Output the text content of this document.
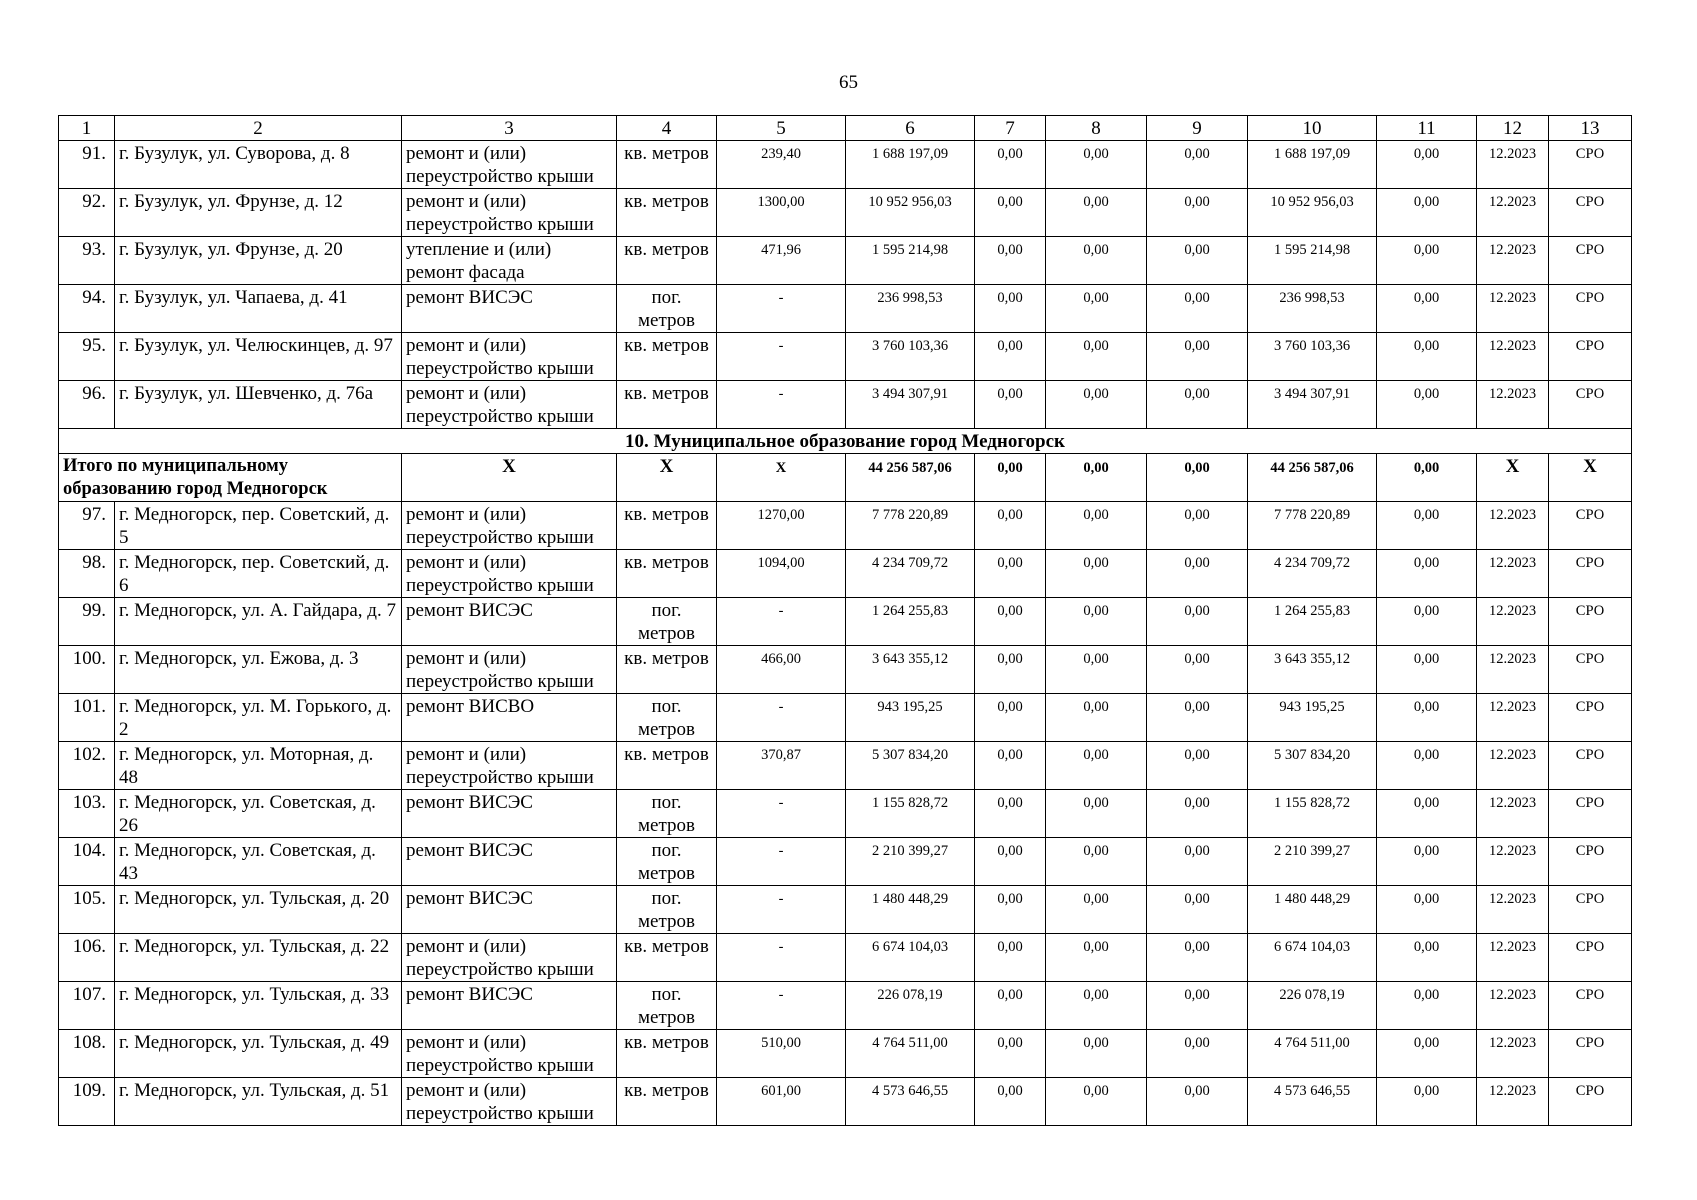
65
1	2	3	4	5	6	7	8	9	10	11	12	13
91.	г. Бузулук, ул. Суворова, д. 8	ремонт и (или) переустройство крыши	кв. метров	239,40	1 688 197,09	0,00	0,00	0,00	1 688 197,09	0,00	12.2023	СРО
92.	г. Бузулук, ул. Фрунзе, д. 12	ремонт и (или) переустройство крыши	кв. метров	1300,00	10 952 956,03	0,00	0,00	0,00	10 952 956,03	0,00	12.2023	СРО
93.	г. Бузулук, ул. Фрунзе, д. 20	утепление и (или) ремонт фасада	кв. метров	471,96	1 595 214,98	0,00	0,00	0,00	1 595 214,98	0,00	12.2023	СРО
94.	г. Бузулук, ул. Чапаева, д. 41	ремонт ВИСЭС	пог. метров	-	236 998,53	0,00	0,00	0,00	236 998,53	0,00	12.2023	СРО
95.	г. Бузулук, ул. Челюскинцев, д. 97	ремонт и (или) переустройство крыши	кв. метров	-	3 760 103,36	0,00	0,00	0,00	3 760 103,36	0,00	12.2023	СРО
96.	г. Бузулук, ул. Шевченко, д. 76а	ремонт и (или) переустройство крыши	кв. метров	-	3 494 307,91	0,00	0,00	0,00	3 494 307,91	0,00	12.2023	СРО
10. Муниципальное образование город Медногорск												
Итого по муниципальному образованию город Медногорск		Х	Х	Х	44 256 587,06	0,00	0,00	0,00	44 256 587,06	0,00	Х	Х
97.	г. Медногорск, пер. Советский, д. 5	ремонт и (или) переустройство крыши	кв. метров	1270,00	7 778 220,89	0,00	0,00	0,00	7 778 220,89	0,00	12.2023	СРО
98.	г. Медногорск, пер. Советский, д. 6	ремонт и (или) переустройство крыши	кв. метров	1094,00	4 234 709,72	0,00	0,00	0,00	4 234 709,72	0,00	12.2023	СРО
99.	г. Медногорск, ул. А. Гайдара, д. 7	ремонт ВИСЭС	пог. метров	-	1 264 255,83	0,00	0,00	0,00	1 264 255,83	0,00	12.2023	СРО
100.	г. Медногорск, ул. Ежова, д. 3	ремонт и (или) переустройство крыши	кв. метров	466,00	3 643 355,12	0,00	0,00	0,00	3 643 355,12	0,00	12.2023	СРО
101.	г. Медногорск, ул. М. Горького, д. 2	ремонт ВИСВО	пог. метров	-	943 195,25	0,00	0,00	0,00	943 195,25	0,00	12.2023	СРО
102.	г. Медногорск, ул. Моторная, д. 48	ремонт и (или) переустройство крыши	кв. метров	370,87	5 307 834,20	0,00	0,00	0,00	5 307 834,20	0,00	12.2023	СРО
103.	г. Медногорск, ул. Советская, д. 26	ремонт ВИСЭС	пог. метров	-	1 155 828,72	0,00	0,00	0,00	1 155 828,72	0,00	12.2023	СРО
104.	г. Медногорск, ул. Советская, д. 43	ремонт ВИСЭС	пог. метров	-	2 210 399,27	0,00	0,00	0,00	2 210 399,27	0,00	12.2023	СРО
105.	г. Медногорск, ул. Тульская, д. 20	ремонт ВИСЭС	пог. метров	-	1 480 448,29	0,00	0,00	0,00	1 480 448,29	0,00	12.2023	СРО
106.	г. Медногорск, ул. Тульская, д. 22	ремонт и (или) переустройство крыши	кв. метров	-	6 674 104,03	0,00	0,00	0,00	6 674 104,03	0,00	12.2023	СРО
107.	г. Медногорск, ул. Тульская, д. 33	ремонт ВИСЭС	пог. метров	-	226 078,19	0,00	0,00	0,00	226 078,19	0,00	12.2023	СРО
108.	г. Медногорск, ул. Тульская, д. 49	ремонт и (или) переустройство крыши	кв. метров	510,00	4 764 511,00	0,00	0,00	0,00	4 764 511,00	0,00	12.2023	СРО
109.	г. Медногорск, ул. Тульская, д. 51	ремонт и (или) переустройство крыши	кв. метров	601,00	4 573 646,55	0,00	0,00	0,00	4 573 646,55	0,00	12.2023	СРО
